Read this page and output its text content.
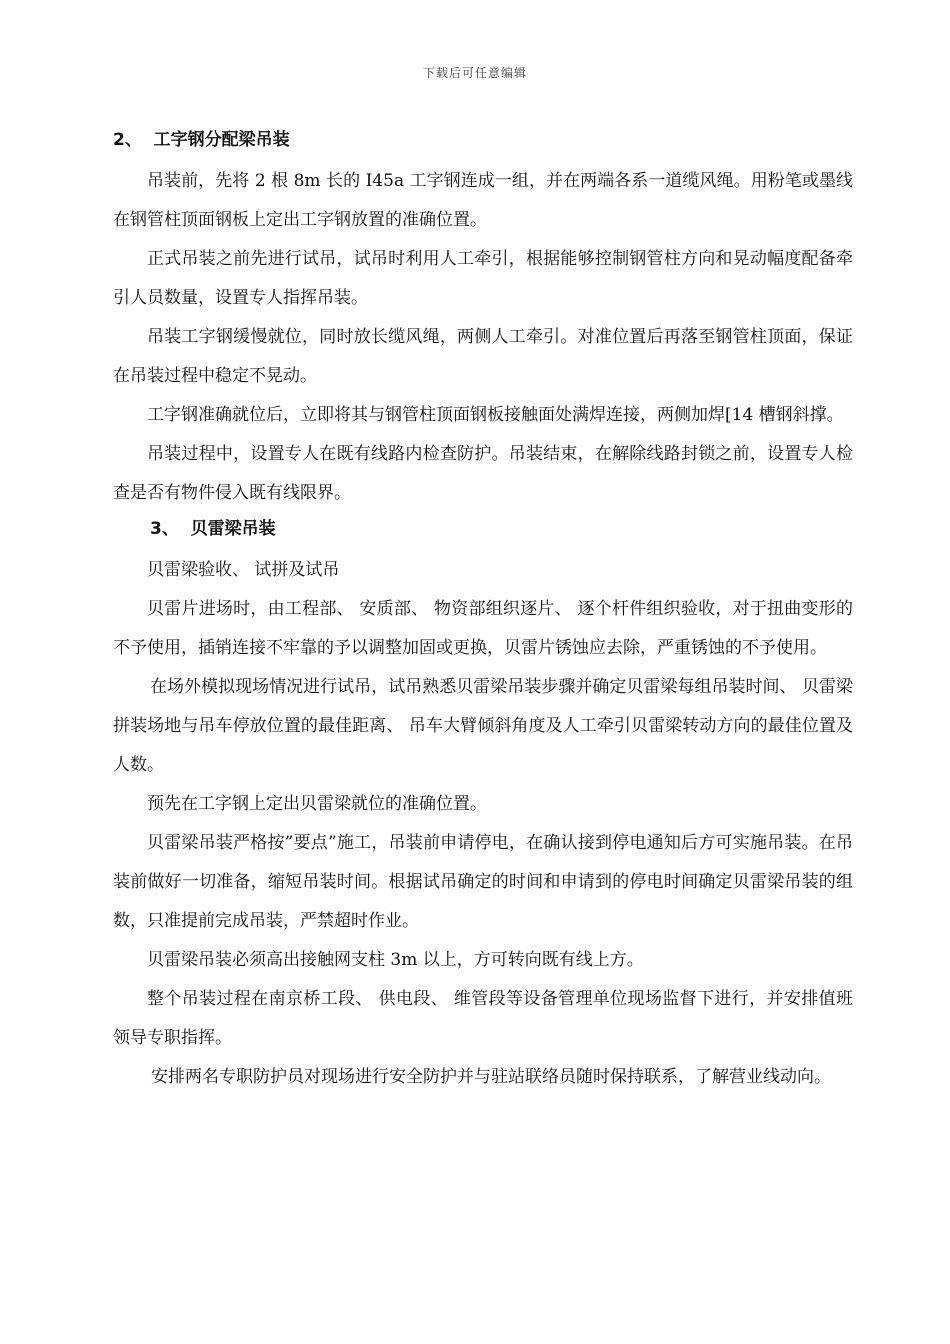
下载后可任意编辑
2、  工字钢分配梁吊装

吊装前，先将 2 根 8m 长的 I45a 工字钢连成一组，并在两端各系一道缆风绳。用粉笔或墨线在钢管柱顶面钢板上定出工字钢放置的准确位置。

正式吊装之前先进行试吊，试吊时利用人工牵引，根据能够控制钢管柱方向和晃动幅度配备牵引人员数量，设置专人指挥吊装。

吊装工字钢缓慢就位，同时放长缆风绳，两侧人工牵引。对准位置后再落至钢管柱顶面，保证在吊装过程中稳定不晃动。

工字钢准确就位后，立即将其与钢管柱顶面钢板接触面处满焊连接，两侧加焊[14 槽钢斜撑。

吊装过程中，设置专人在既有线路内检查防护。吊装结束，在解除线路封锁之前，设置专人检查是否有物件侵入既有线限界。

3、  贝雷梁吊装

贝雷梁验收、 试拼及试吊

贝雷片进场时，由工程部、 安质部、 物资部组织逐片、 逐个杆件组织验收，对于扭曲变形的不予使用，插销连接不牢靠的予以调整加固或更换，贝雷片锈蚀应去除，严重锈蚀的不予使用。

在场外模拟现场情况进行试吊，试吊熟悉贝雷梁吊装步骤并确定贝雷梁每组吊装时间、 贝雷梁拼装场地与吊车停放位置的最佳距离、 吊车大臂倾斜角度及人工牵引贝雷梁转动方向的最佳位置及人数。

预先在工字钢上定出贝雷梁就位的准确位置。

贝雷梁吊装严格按”要点”施工，吊装前申请停电，在确认接到停电通知后方可实施吊装。在吊装前做好一切准备，缩短吊装时间。根据试吊确定的时间和申请到的停电时间确定贝雷梁吊装的组数，只准提前完成吊装，严禁超时作业。

贝雷梁吊装必须高出接触网支柱 3m 以上，方可转向既有线上方。

整个吊装过程在南京桥工段、 供电段、 维管段等设备管理单位现场监督下进行，并安排值班领导专职指挥。

安排两名专职防护员对现场进行安全防护并与驻站联络员随时保持联系，了解营业线动向。
